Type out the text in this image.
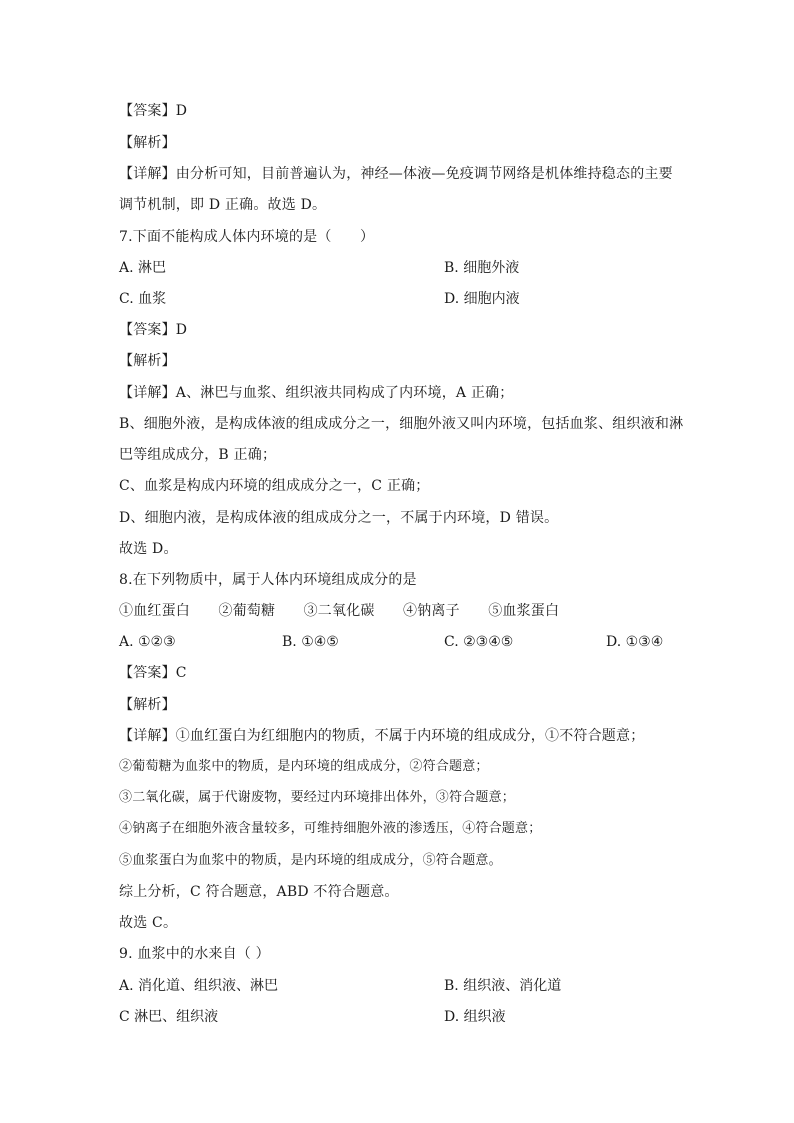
【答案】D
【解析】
【详解】由分析可知，目前普遍认为，神经—体液—免疫调节网络是机体维持稳态的主要
调节机制，即 D 正确。故选 D。
7.下面不能构成人体内环境的是（　　）
A. 淋巴	B. 细胞外液
C. 血浆	D. 细胞内液
【答案】D
【解析】
【详解】A、淋巴与血浆、组织液共同构成了内环境，A 正确；
B、细胞外液，是构成体液的组成成分之一，细胞外液又叫内环境，包括血浆、组织液和淋
巴等组成成分，B 正确；
C、血浆是构成内环境的组成成分之一，C 正确；
D、细胞内液，是构成体液的组成成分之一，不属于内环境，D 错误。
故选 D。
8.在下列物质中，属于人体内环境组成成分的是
①血红蛋白　　②葡萄糖　　③二氧化碳　　④钠离子　　⑤血浆蛋白
A. ①②③	B. ①④⑤	C. ②③④⑤	D. ①③④
【答案】C
【解析】
【详解】①血红蛋白为红细胞内的物质，不属于内环境的组成成分，①不符合题意；
②葡萄糖为血浆中的物质，是内环境的组成成分，②符合题意；
③二氧化碳，属于代谢废物，要经过内环境排出体外，③符合题意；
④钠离子在细胞外液含量较多，可维持细胞外液的渗透压，④符合题意；
⑤血浆蛋白为血浆中的物质，是内环境的组成成分，⑤符合题意。
综上分析，C 符合题意，ABD 不符合题意。
故选 C。
9. 血浆中的水来自（ ）
A. 消化道、组织液、淋巴	B. 组织液、消化道
C 淋巴、组织液	D. 组织液
